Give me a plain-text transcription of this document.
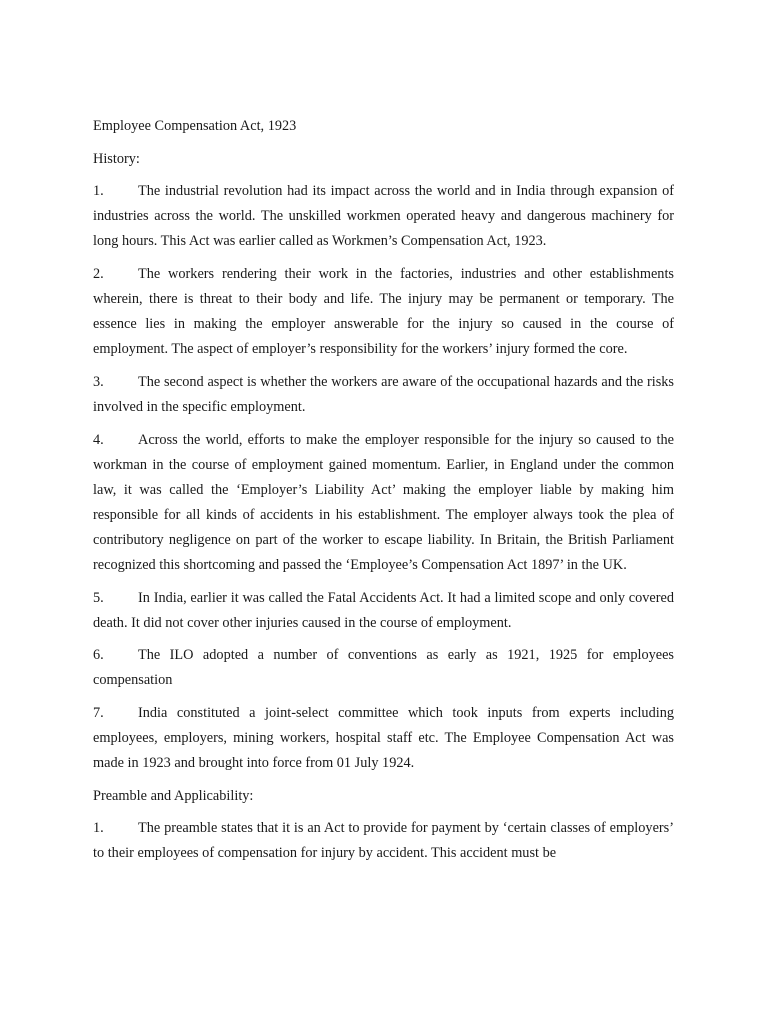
Employee Compensation Act, 1923

History:

1. The industrial revolution had its impact across the world and in India through expansion of industries across the world. The unskilled workmen operated heavy and dangerous machinery for long hours. This Act was earlier called as Workmen’s Compensation Act, 1923.

2. The workers rendering their work in the factories, industries and other establishments wherein, there is threat to their body and life. The injury may be permanent or temporary. The essence lies in making the employer answerable for the injury so caused in the course of employment. The aspect of employer’s responsibility for the workers’ injury formed the core.

3. The second aspect is whether the workers are aware of the occupational hazards and the risks involved in the specific employment.

4. Across the world, efforts to make the employer responsible for the injury so caused to the workman in the course of employment gained momentum. Earlier, in England under the common law, it was called the ‘Employer’s Liability Act’ making the employer liable by making him responsible for all kinds of accidents in his establishment. The employer always took the plea of contributory negligence on part of the worker to escape liability. In Britain, the British Parliament recognized this shortcoming and passed the ‘Employee’s Compensation Act 1897’ in the UK.

5. In India, earlier it was called the Fatal Accidents Act. It had a limited scope and only covered death. It did not cover other injuries caused in the course of employment.

6. The ILO adopted a number of conventions as early as 1921, 1925 for employees compensation

7. India constituted a joint-select committee which took inputs from experts including employees, employers, mining workers, hospital staff etc. The Employee Compensation Act was made in 1923 and brought into force from 01 July 1924.

Preamble and Applicability:

1. The preamble states that it is an Act to provide for payment by ‘certain classes of employers’ to their employees of compensation for injury by accident. This accident must be
